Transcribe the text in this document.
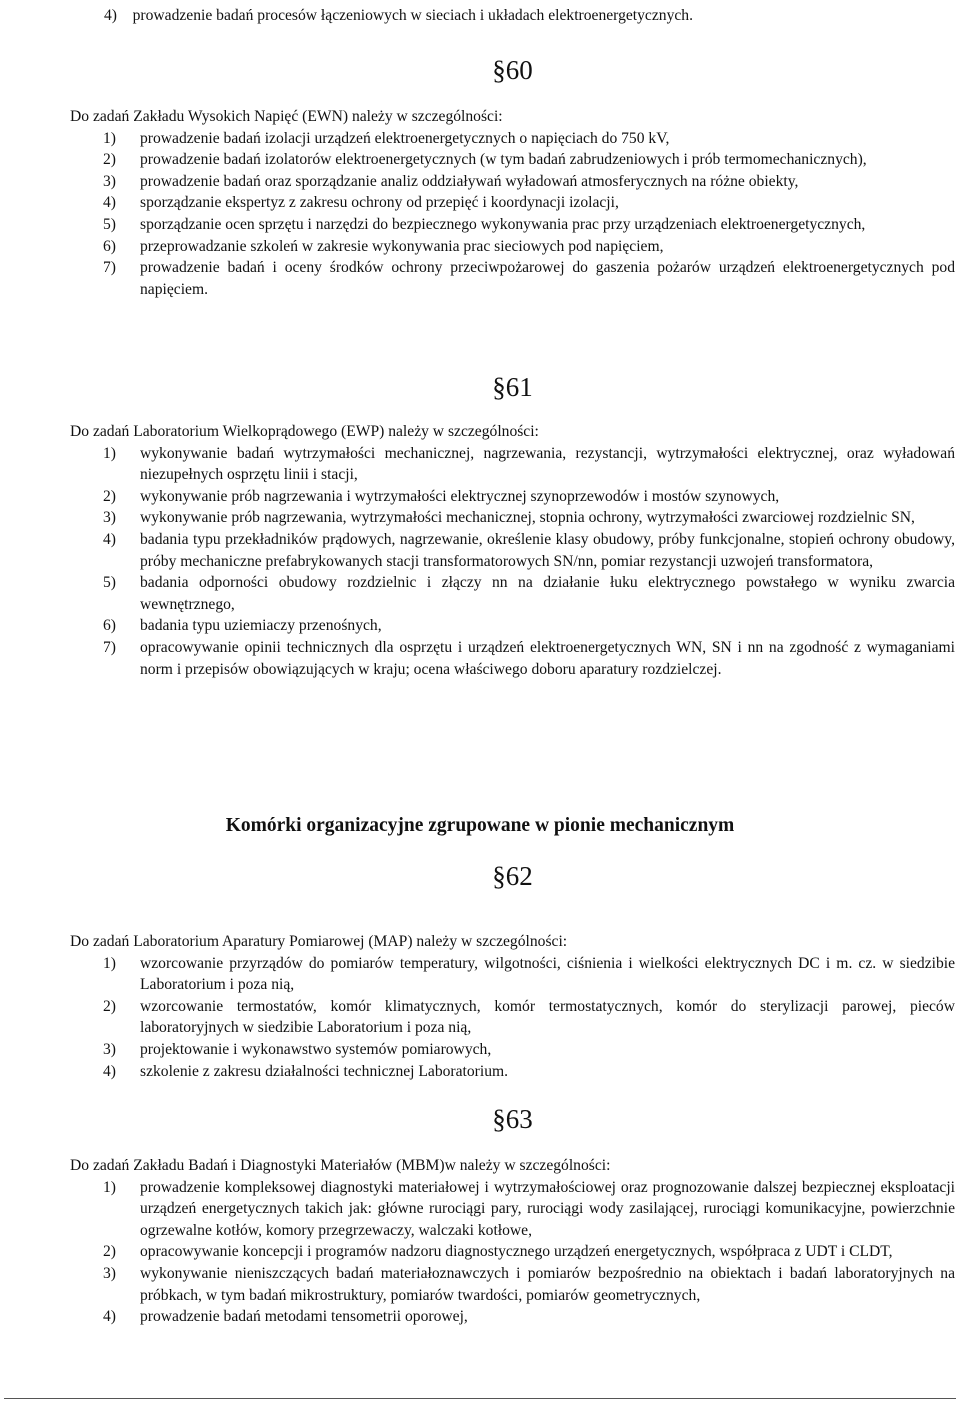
4) prowadzenie badań procesów łączeniowych w sieciach i układach elektroenergetycznych.

§60

Do zadań Zakładu Wysokich Napięć (EWN) należy w szczególności:

1) prowadzenie badań izolacji urządzeń elektroenergetycznych o napięciach do 750 kV,
2) prowadzenie badań izolatorów elektroenergetycznych (w tym badań zabrudzeniowych i prób termomechanicznych),
3) prowadzenie badań oraz sporządzanie analiz oddziaływań wyładowań atmosferycznych na różne obiekty,
4) sporządzanie ekspertyz z zakresu ochrony od przepięć i koordynacji izolacji,
5) sporządzanie ocen sprzętu i narzędzi do bezpiecznego wykonywania prac przy urządzeniach elektroenergetycznych,
6) przeprowadzanie szkoleń w zakresie wykonywania prac sieciowych pod napięciem,
7) prowadzenie badań i oceny środków ochrony przeciwpożarowej do gaszenia pożarów urządzeń elektroenergetycznych pod napięciem.

§61

Do zadań Laboratorium Wielkoprądowego (EWP) należy w szczególności:

1) wykonywanie badań wytrzymałości mechanicznej, nagrzewania, rezystancji, wytrzymałości elektrycznej, oraz wyładowań niezupełnych osprzętu linii i stacji,
2) wykonywanie prób nagrzewania i wytrzymałości elektrycznej szynoprzewodów i mostów szynowych,
3) wykonywanie prób nagrzewania, wytrzymałości mechanicznej, stopnia ochrony, wytrzymałości zwarciowej rozdzielnic SN,
4) badania typu przekładników prądowych, nagrzewanie, określenie klasy obudowy, próby funkcjonalne, stopień ochrony obudowy, próby mechaniczne prefabrykowanych stacji transformatorowych SN/nn, pomiar rezystancji uzwojeń transformatora,
5) badania odporności obudowy rozdzielnic i złączy nn na działanie łuku elektrycznego powstałego w wyniku zwarcia wewnętrznego,
6) badania typu uziemiaczy przenośnych,
7) opracowywanie opinii technicznych dla osprzętu i urządzeń elektroenergetycznych WN, SN i nn na zgodność z wymaganiami norm i przepisów obowiązujących w kraju; ocena właściwego doboru aparatury rozdzielczej.
Komórki organizacyjne zgrupowane w pionie mechanicznym

§62

Do zadań Laboratorium Aparatury Pomiarowej (MAP) należy w szczególności:

1) wzorcowanie przyrządów do pomiarów temperatury, wilgotności, ciśnienia i wielkości elektrycznych DC i m. cz. w siedzibie Laboratorium i poza nią,
2) wzorcowanie termostatów, komór klimatycznych, komór termostatycznych, komór do sterylizacji parowej, pieców laboratoryjnych w siedzibie Laboratorium i poza nią,
3) projektowanie i wykonawstwo systemów pomiarowych,
4) szkolenie z zakresu działalności technicznej Laboratorium.

§63

Do zadań Zakładu Badań i Diagnostyki Materiałów (MBM)w należy w szczególności:

1) prowadzenie kompleksowej diagnostyki materiałowej i wytrzymałościowej oraz prognozowanie dalszej bezpiecznej eksploatacji urządzeń energetycznych takich jak: główne rurociągi pary, rurociągi wody zasilającej, rurociągi komunikacyjne, powierzchnie ogrzewalne kotłów, komory przegrzewaczy, walczaki kotłowe,
2) opracowywanie koncepcji i programów nadzoru diagnostycznego urządzeń energetycznych, współpraca z UDT i CLDT,
3) wykonywanie nieniszczących badań materiałoznawczych i pomiarów bezpośrednio na obiektach i badań laboratoryjnych na próbkach, w tym badań mikrostruktury, pomiarów twardości, pomiarów geometrycznych,
4) prowadzenie badań metodami tensometrii oporowej,
